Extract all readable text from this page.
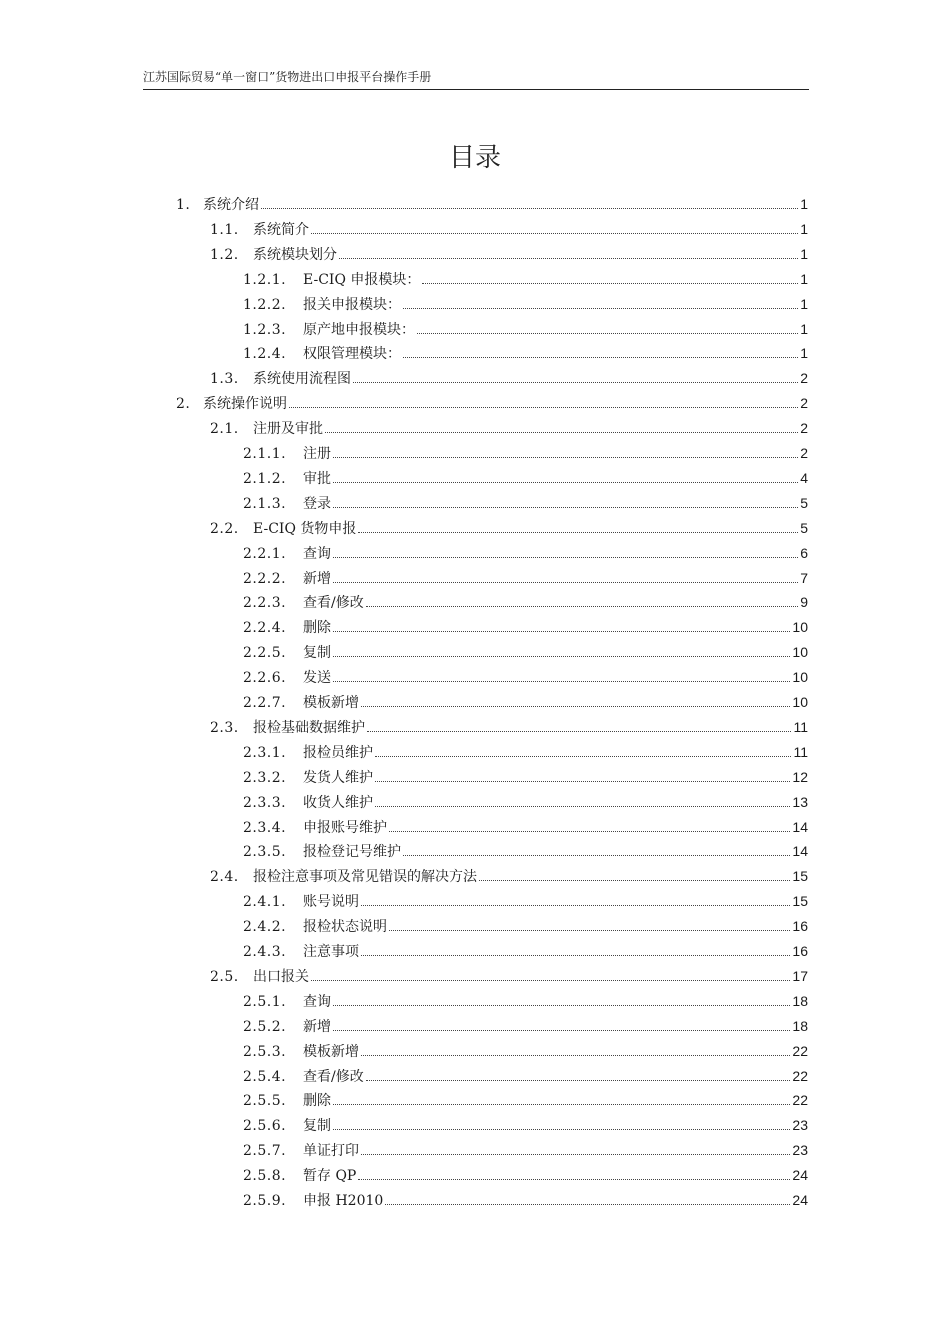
江苏国际贸易“单一窗口”货物进出口申报平台操作手册
目录
1. 系统介绍	1
1.1.	系统简介	1
1.2.	系统模块划分	1
1.2.1.	E-CIQ 申报模块：	1
1.2.2.	报关申报模块：	1
1.2.3.	原产地申报模块：	1
1.2.4.	权限管理模块：	1
1.3.	系统使用流程图	2
2. 系统操作说明	2
2.1.	注册及审批	2
2.1.1.	注册	2
2.1.2.	审批	4
2.1.3.	登录	5
2.2.	E-CIQ 货物申报	5
2.2.1.	查询	6
2.2.2.	新增	7
2.2.3.	查看/修改	9
2.2.4.	删除	10
2.2.5.	复制	10
2.2.6.	发送	10
2.2.7.	模板新增	10
2.3.	报检基础数据维护	11
2.3.1.	报检员维护	11
2.3.2.	发货人维护	12
2.3.3.	收货人维护	13
2.3.4.	申报账号维护	14
2.3.5.	报检登记号维护	14
2.4.	报检注意事项及常见错误的解决方法	15
2.4.1.	账号说明	15
2.4.2.	报检状态说明	16
2.4.3.	注意事项	16
2.5.	出口报关	17
2.5.1.	查询	18
2.5.2.	新增	18
2.5.3.	模板新增	22
2.5.4.	查看/修改	22
2.5.5.	删除	22
2.5.6.	复制	23
2.5.7.	单证打印	23
2.5.8.	暂存 QP	24
2.5.9.	申报 H2010	24
